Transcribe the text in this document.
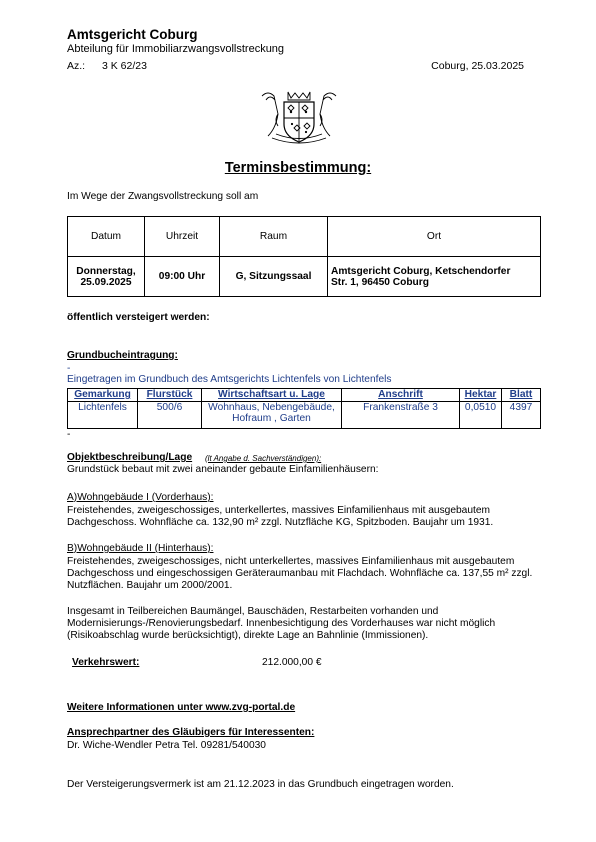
Amtsgericht Coburg
Abteilung für Immobiliarzwangsvollstreckung
Az.: 3 K 62/23	Coburg, 25.03.2025
Terminsbestimmung:
Im Wege der Zwangsvollstreckung soll am
Datum	Uhrzeit	Raum	Ort
Donnerstag,
25.09.2025	09:00 Uhr	G, Sitzungssaal	Amtsgericht Coburg, Ketschendorfer
Str. 1, 96450 Coburg
öffentlich versteigert werden:
Grundbucheintragung:
-
Eingetragen im Grundbuch des Amtsgerichts Lichtenfels von Lichtenfels
Gemarkung	Flurstück	Wirtschaftsart u. Lage	Anschrift	Hektar	Blatt
Lichtenfels	500/6	Wohnhaus, Nebengebäude,
Hofraum , Garten	Frankenstraße 3	0,0510	4397
-
Objektbeschreibung/Lage (lt Angabe d. Sachverständigen):
Grundstück bebaut mit zwei aneinander gebaute Einfamilienhäusern:
A)Wohngebäude I (Vorderhaus):
Freistehendes, zweigeschossiges, unterkellertes, massives Einfamilienhaus mit ausgebautem Dachgeschoss. Wohnfläche ca. 132,90 m² zzgl. Nutzfläche KG, Spitzboden. Baujahr um 1931.
B)Wohngebäude II (Hinterhaus):
Freistehendes, zweigeschossiges, nicht unterkellertes, massives Einfamilienhaus mit ausgebautem Dachgeschoss und eingeschossigen Geräteraumanbau mit Flachdach. Wohnfläche ca. 137,55 m² zzgl. Nutzflächen. Baujahr um 2000/2001.
Insgesamt in Teilbereichen Baumängel, Bauschäden, Restarbeiten vorhanden und Modernisierungs-/Renovierungsbedarf. Innenbesichtigung des Vorderhauses war nicht möglich (Risikoabschlag wurde berücksichtigt), direkte Lage an Bahnlinie (Immissionen).
Verkehrswert:	212.000,00 €
Weitere Informationen unter www.zvg-portal.de
Ansprechpartner des Gläubigers für Interessenten:
Dr. Wiche-Wendler Petra Tel. 09281/540030
Der Versteigerungsvermerk ist am 21.12.2023 in das Grundbuch eingetragen worden.
